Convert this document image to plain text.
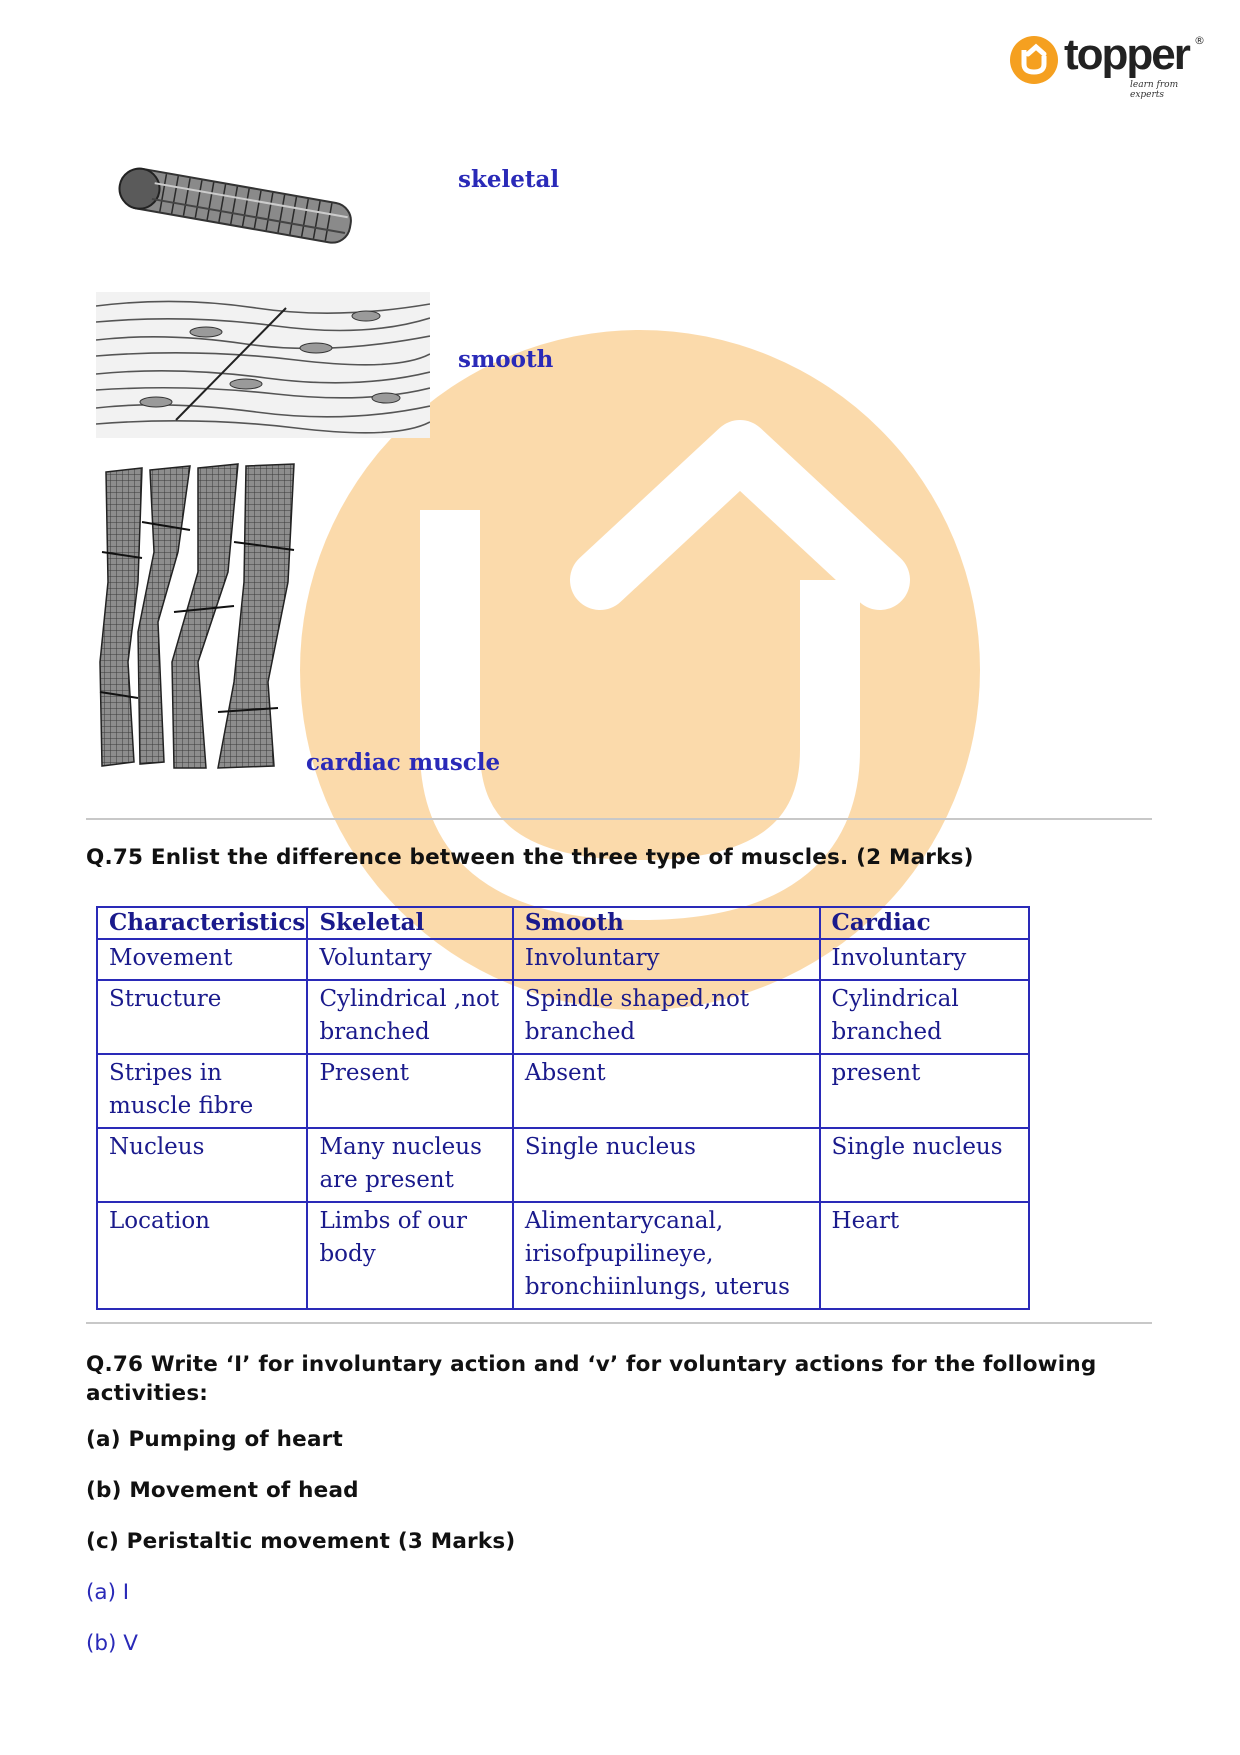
topper ®
learn from experts
skeletal
smooth
cardiac muscle
Q.75 Enlist the difference between the three type of muscles. (2 Marks)
Characteristics	Skeletal	Smooth	Cardiac
Movement	Voluntary	Involuntary	Involuntary
Structure	Cylindrical ,not branched	Spindle shaped,not branched	Cylindrical branched
Stripes in muscle fibre	Present	Absent	present
Nucleus	Many nucleus are present	Single nucleus	Single nucleus
Location	Limbs of our body	Alimentarycanal, irisofpupilineye, bronchiinlungs, uterus	Heart
Q.76 Write ‘I’ for involuntary action and ‘v’ for voluntary actions for the following activities:
(a) Pumping of heart
(b) Movement of head
(c) Peristaltic movement (3 Marks)
(a) I
(b) V
